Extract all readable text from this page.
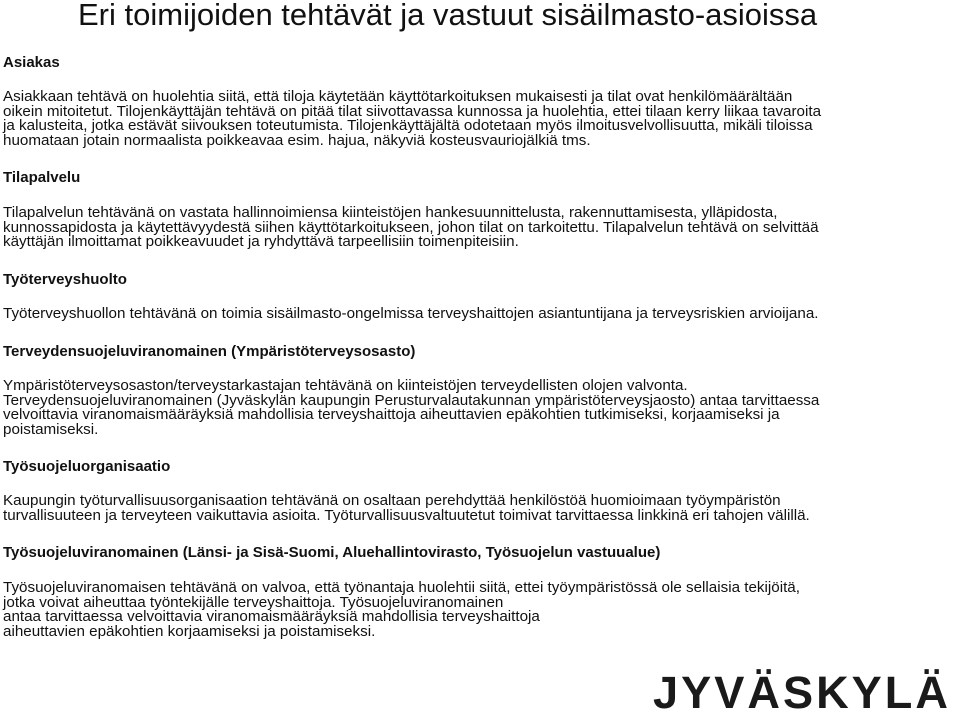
Eri toimijoiden tehtävät ja vastuut sisäilmasto-asioissa
Asiakas
Asiakkaan tehtävä on huolehtia siitä, että tiloja käytetään käyttötarkoituksen mukaisesti ja tilat ovat henkilömäärältään
oikein mitoitetut. Tilojenkäyttäjän tehtävä on pitää tilat siivottavassa kunnossa ja huolehtia, ettei tilaan kerry liikaa tavaroita
ja kalusteita, jotka estävät siivouksen toteutumista. Tilojenkäyttäjältä odotetaan myös ilmoitusvelvollisuutta, mikäli tiloissa
huomataan jotain normaalista poikkeavaa esim. hajua, näkyviä kosteusvauriojälkiä tms.
Tilapalvelu
Tilapalvelun tehtävänä on vastata hallinnoimiensa kiinteistöjen hankesuunnittelusta, rakennuttamisesta, ylläpidosta,
kunnossapidosta ja käytettävyydestä siihen käyttötarkoitukseen, johon tilat on tarkoitettu. Tilapalvelun tehtävä on selvittää
käyttäjän ilmoittamat poikkeavuudet ja ryhdyttävä tarpeellisiin toimenpiteisiin.
Työterveyshuolto
Työterveyshuollon tehtävänä on toimia sisäilmasto-ongelmissa terveyshaittojen asiantuntijana ja terveysriskien arvioijana.
Terveydensuojeluviranomainen (Ympäristöterveysosasto)
Ympäristöterveysosaston/terveystarkastajan tehtävänä on kiinteistöjen terveydellisten olojen valvonta.
Terveydensuojeluviranomainen (Jyväskylän kaupungin Perusturvalautakunnan ympäristöterveysjaosto) antaa tarvittaessa
velvoittavia viranomaismääräyksiä mahdollisia terveyshaittoja aiheuttavien epäkohtien tutkimiseksi, korjaamiseksi ja
poistamiseksi.
Työsuojeluorganisaatio
Kaupungin työturvallisuusorganisaation tehtävänä on osaltaan perehdyttää henkilöstöä huomioimaan työympäristön
turvallisuuteen ja terveyteen vaikuttavia asioita. Työturvallisuusvaltuutetut toimivat tarvittaessa linkkinä eri tahojen välillä.
Työsuojeluviranomainen (Länsi- ja Sisä-Suomi, Aluehallintovirasto, Työsuojelun vastuualue)
Työsuojeluviranomaisen tehtävänä on valvoa, että työnantaja huolehtii siitä, ettei työympäristössä ole sellaisia tekijöitä,
jotka voivat aiheuttaa työntekijälle terveyshaittoja. Työsuojeluviranomainen
antaa tarvittaessa velvoittavia viranomaismääräyksiä mahdollisia terveyshaittoja
aiheuttavien epäkohtien korjaamiseksi ja poistamiseksi.
JYVÄSKYLÄ
